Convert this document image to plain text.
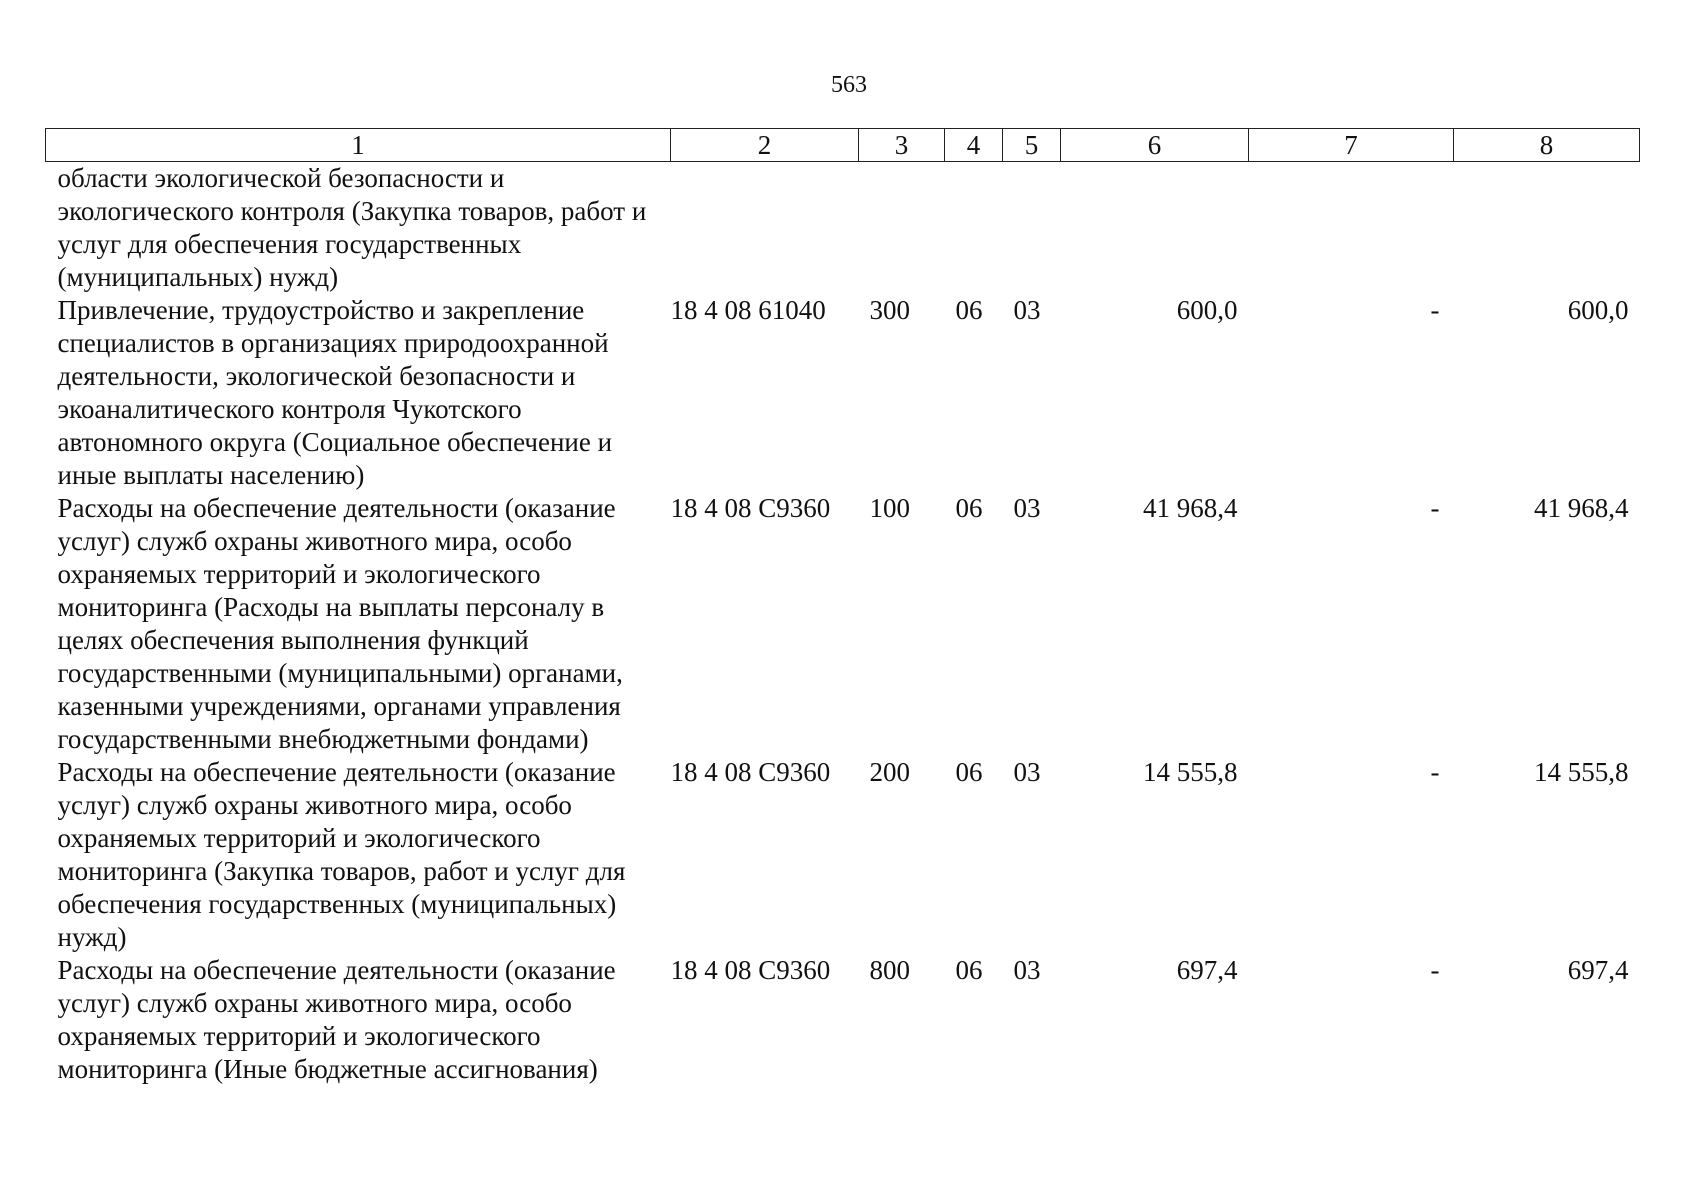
563
1	2	3	4	5	6	7	8
области экологической безопасности и экологического контроля (Закупка товаров, работ и услуг для обеспечения государственных (муниципальных) нужд)							
Привлечение, трудоустройство и закрепление специалистов в организациях природоохранной деятельности, экологической безопасности и экоаналитического контроля Чукотского автономного округа (Социальное обеспечение и иные выплаты населению)	18 4 08 61040	300	06	03	600,0	-	600,0
Расходы на обеспечение деятельности (оказание услуг) служб охраны животного мира, особо охраняемых территорий и экологического мониторинга (Расходы на выплаты персоналу в целях обеспечения выполнения функций государственными (муниципальными) органами, казенными учреждениями, органами управления государственными внебюджетными фондами)	18 4 08 C9360	100	06	03	41 968,4	-	41 968,4
Расходы на обеспечение деятельности (оказание услуг) служб охраны животного мира, особо охраняемых территорий и экологического мониторинга (Закупка товаров, работ и услуг для обеспечения государственных (муниципальных) нужд)	18 4 08 C9360	200	06	03	14 555,8	-	14 555,8
Расходы на обеспечение деятельности (оказание услуг) служб охраны животного мира, особо охраняемых территорий и экологического мониторинга (Иные бюджетные ассигнования)	18 4 08 C9360	800	06	03	697,4	-	697,4
